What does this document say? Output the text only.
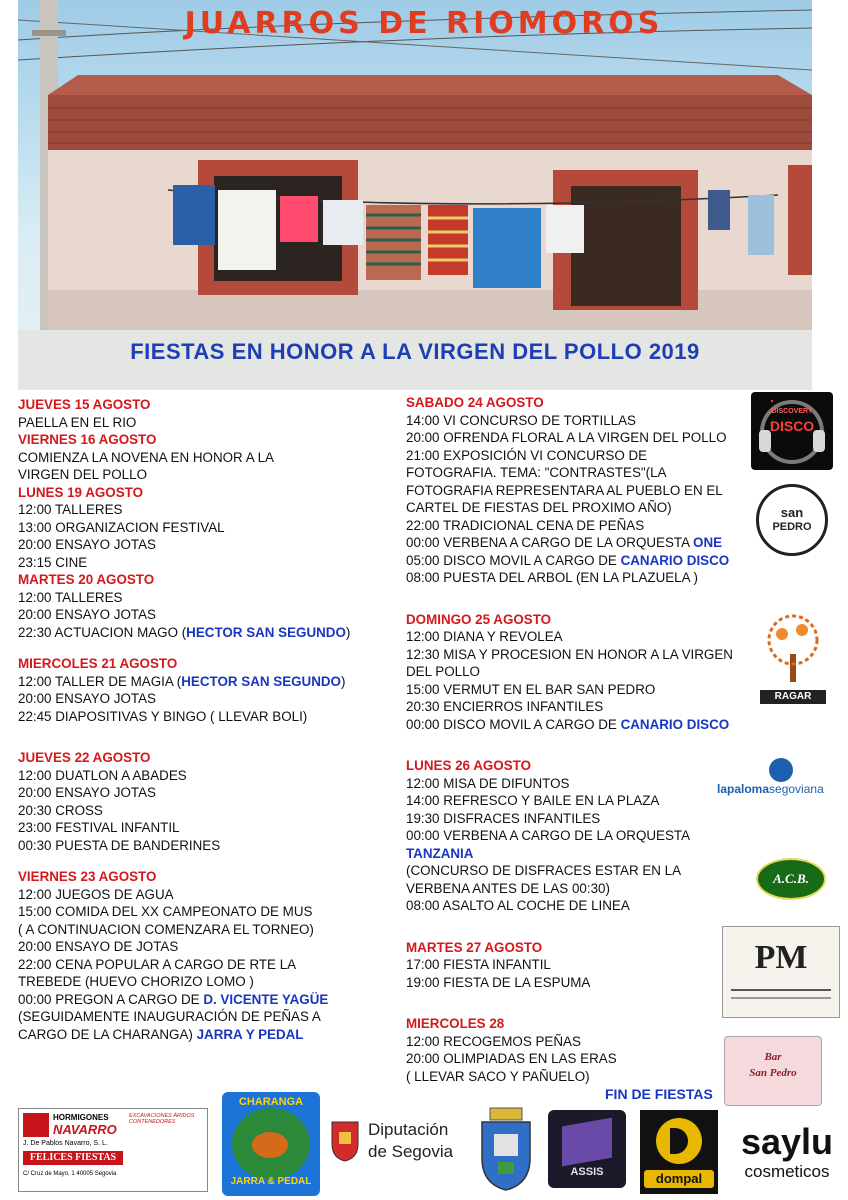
JUARROS DE RIOMOROS
FIESTAS EN HONOR A LA VIRGEN DEL POLLO 2019
JUEVES 15 AGOSTO
PAELLA EN EL RIO
VIERNES 16 AGOSTO
COMIENZA LA NOVENA EN HONOR A LA VIRGEN DEL POLLO
LUNES 19 AGOSTO
12:00 TALLERES
13:00 ORGANIZACION FESTIVAL
20:00 ENSAYO JOTAS
23:15 CINE
MARTES 20 AGOSTO
12:00 TALLERES
20:00 ENSAYO JOTAS
22:30 ACTUACION MAGO (HECTOR SAN SEGUNDO)
MIERCOLES 21 AGOSTO
12:00 TALLER DE MAGIA (HECTOR SAN SEGUNDO)
20:00 ENSAYO JOTAS
22:45 DIAPOSITIVAS Y BINGO ( LLEVAR BOLI)
JUEVES 22 AGOSTO
12:00 DUATLON A ABADES
20:00 ENSAYO JOTAS
20:30 CROSS
23:00 FESTIVAL INFANTIL
00:30 PUESTA DE BANDERINES
VIERNES 23 AGOSTO
12:00 JUEGOS DE AGUA
15:00 COMIDA DEL XX CAMPEONATO DE MUS
( A CONTINUACION COMENZARA EL TORNEO)
20:00 ENSAYO DE JOTAS
22:00 CENA POPULAR A CARGO DE RTE LA
TREBEDE (HUEVO CHORIZO LOMO )
00:00 PREGON A CARGO DE D. VICENTE YAGÜE
(SEGUIDAMENTE INAUGURACIÓN DE PEÑAS A
CARGO DE LA CHARANGA) JARRA Y PEDAL
SABADO 24 AGOSTO
14:00 VI CONCURSO DE TORTILLAS
20:00 OFRENDA FLORAL A LA VIRGEN DEL POLLO
21:00 EXPOSICIÓN VI CONCURSO DE FOTOGRAFIA. TEMA: "CONTRASTES"(LA FOTOGRAFIA REPRESENTARA AL PUEBLO EN EL CARTEL DE FIESTAS DEL PROXIMO AÑO)
22:00 TRADICIONAL CENA DE PEÑAS
00:00 VERBENA A CARGO DE LA ORQUESTA ONE
05:00 DISCO MOVIL A CARGO DE CANARIO DISCO
08:00 PUESTA DEL ARBOL (EN LA PLAZUELA )
DOMINGO 25 AGOSTO
12:00 DIANA Y REVOLEA
12:30 MISA Y PROCESION EN HONOR A LA VIRGEN DEL POLLO
15:00 VERMUT EN EL BAR SAN PEDRO
20:30 ENCIERROS INFANTILES
00:00 DISCO MOVIL A CARGO DE CANARIO DISCO
LUNES 26 AGOSTO
12:00 MISA DE DIFUNTOS
14:00 REFRESCO Y BAILE EN LA PLAZA
19:30 DISFRACES INFANTILES
00:00 VERBENA A CARGO DE LA ORQUESTA
TANZANIA
(CONCURSO DE DISFRACES ESTAR EN LA VERBENA ANTES DE LAS 00:30)
08:00 ASALTO AL COCHE DE LINEA
MARTES 27 AGOSTO
17:00 FIESTA INFANTIL
19:00 FIESTA DE LA ESPUMA
MIERCOLES 28
12:00 RECOGEMOS PEÑAS
20:00 OLIMPIADAS EN LAS ERAS
( LLEVAR SACO Y PAÑUELO)
FIN DE FIESTAS
DISCOVERY
DISCO
san
PEDRO
RAGAR
lapalomasegoviana
A.C.B.
PM
Bar
San Pedro
HORMIGONES
NAVARRO
J. De Pablos Navarro, S. L.
EXCAVACIONES ÁRIDOS CONTENEDORES
FELICES FIESTAS
C/ Cruz de Mayo, 1 40005 Segovia
CHARANGA
JARRA & PEDAL
Diputación
de Segovia
ASSIS	dompal
saylu
cosmeticos
